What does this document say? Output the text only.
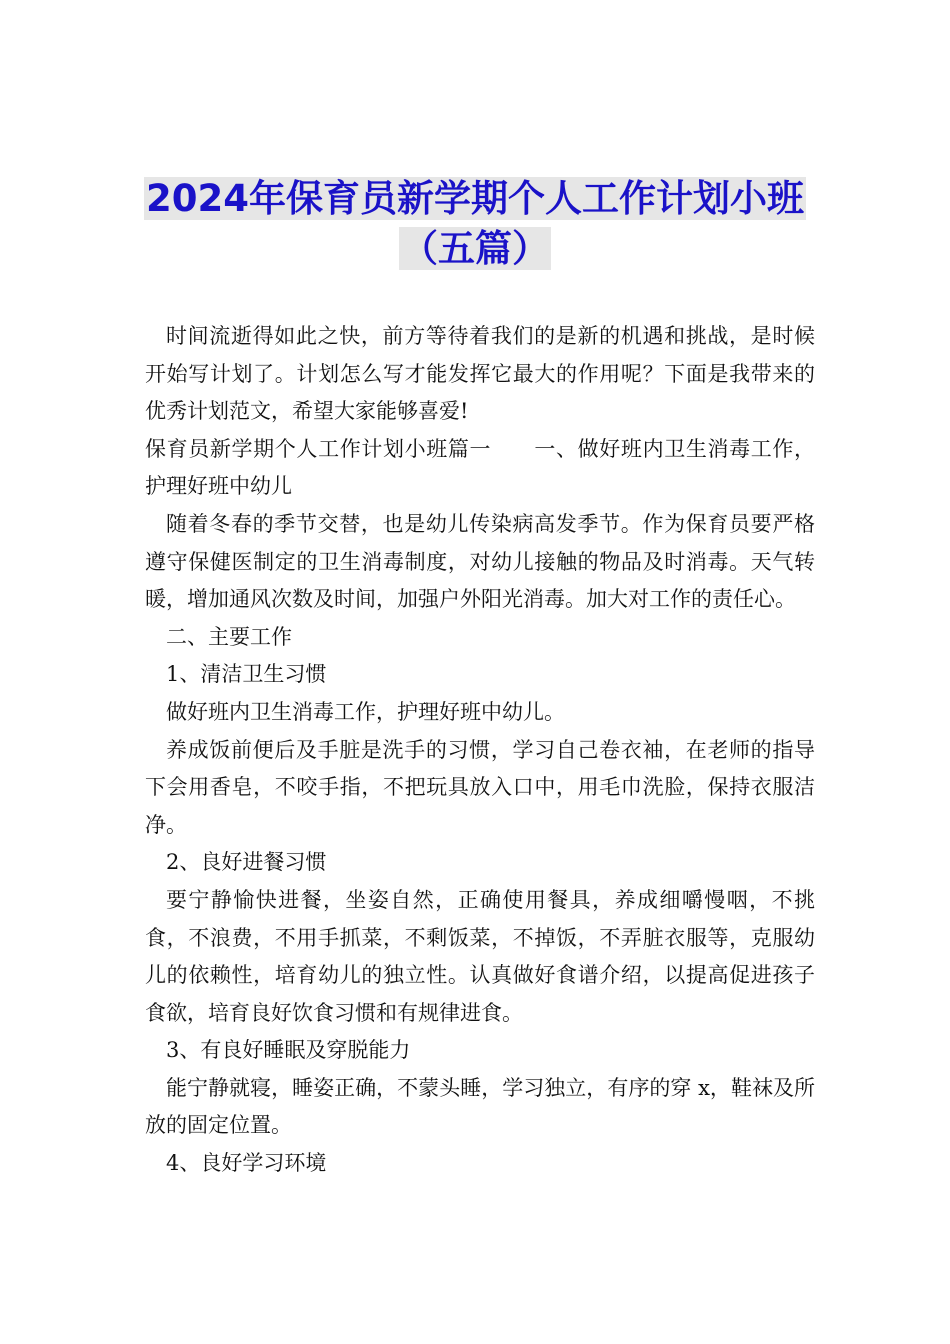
2024年保育员新学期个人工作计划小班
（五篇）

时间流逝得如此之快，前方等待着我们的是新的机遇和挑战，是时候开始写计划了。计划怎么写才能发挥它最大的作用呢？下面是我带来的优秀计划范文，希望大家能够喜爱!

保育员新学期个人工作计划小班篇一　　一、做好班内卫生消毒工作，护理好班中幼儿

随着冬春的季节交替，也是幼儿传染病高发季节。作为保育员要严格遵守保健医制定的卫生消毒制度，对幼儿接触的物品及时消毒。天气转暖，增加通风次数及时间，加强户外阳光消毒。加大对工作的责任心。

二、主要工作

1、清洁卫生习惯

做好班内卫生消毒工作，护理好班中幼儿。

养成饭前便后及手脏是洗手的习惯，学习自己卷衣袖，在老师的指导下会用香皂，不咬手指，不把玩具放入口中，用毛巾洗脸，保持衣服洁净。

2、良好进餐习惯

要宁静愉快进餐，坐姿自然，正确使用餐具，养成细嚼慢咽，不挑食，不浪费，不用手抓菜，不剩饭菜，不掉饭，不弄脏衣服等，克服幼儿的依赖性，培育幼儿的独立性。认真做好食谱介绍，以提高促进孩子食欲，培育良好饮食习惯和有规律进食。

3、有良好睡眠及穿脱能力

能宁静就寝，睡姿正确，不蒙头睡，学习独立，有序的穿 x，鞋袜及所放的固定位置。

4、良好学习环境
